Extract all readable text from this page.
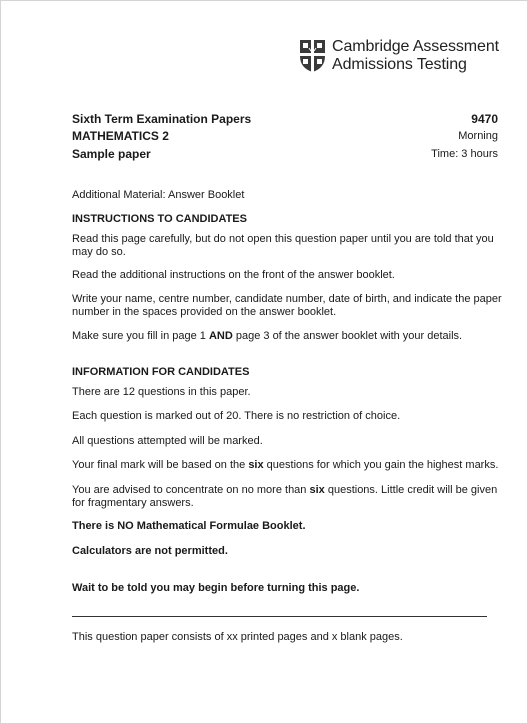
Cambridge Assessment
Admissions Testing
Sixth Term Examination Papers
MATHEMATICS 2
Sample paper
9470
Morning
Time: 3 hours
Additional Material: Answer Booklet
INSTRUCTIONS TO CANDIDATES
Read this page carefully, but do not open this question paper until you are told that you
may do so.
Read the additional instructions on the front of the answer booklet.
Write your name, centre number, candidate number, date of birth, and indicate the paper
number in the spaces provided on the answer booklet.
Make sure you fill in page 1 AND page 3 of the answer booklet with your details.
INFORMATION FOR CANDIDATES
There are 12 questions in this paper.
Each question is marked out of 20. There is no restriction of choice.
All questions attempted will be marked.
Your final mark will be based on the six questions for which you gain the highest marks.
You are advised to concentrate on no more than six questions. Little credit will be given
for fragmentary answers.
There is NO Mathematical Formulae Booklet.
Calculators are not permitted.
Wait to be told you may begin before turning this page.
This question paper consists of xx printed pages and x blank pages.
